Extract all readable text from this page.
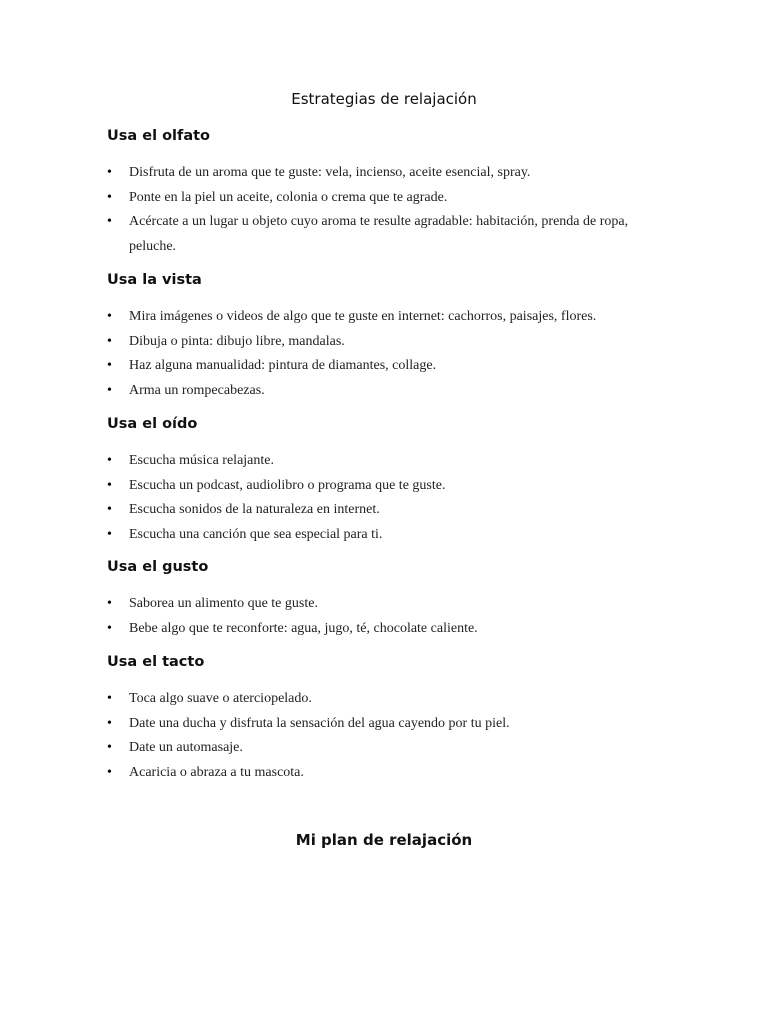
Estrategias de relajación
Usa el olfato
• Disfruta de un aroma que te guste: vela, incienso, aceite esencial, spray.
• Ponte en la piel un aceite, colonia o crema que te agrade.
• Acércate a un lugar u objeto cuyo aroma te resulte agradable: habitación, prenda de ropa, peluche.
Usa la vista
• Mira imágenes o videos de algo que te guste en internet: cachorros, paisajes, flores.
• Dibuja o pinta: dibujo libre, mandalas.
• Haz alguna manualidad: pintura de diamantes, collage.
• Arma un rompecabezas.
Usa el oído
• Escucha música relajante.
• Escucha un podcast, audiolibro o programa que te guste.
• Escucha sonidos de la naturaleza en internet.
• Escucha una canción que sea especial para ti.
Usa el gusto
• Saborea un alimento que te guste.
• Bebe algo que te reconforte: agua, jugo, té, chocolate caliente.
Usa el tacto
• Toca algo suave o aterciopelado.
• Date una ducha y disfruta la sensación del agua cayendo por tu piel.
• Date un automasaje.
• Acaricia o abraza a tu mascota.
Mi plan de relajación
